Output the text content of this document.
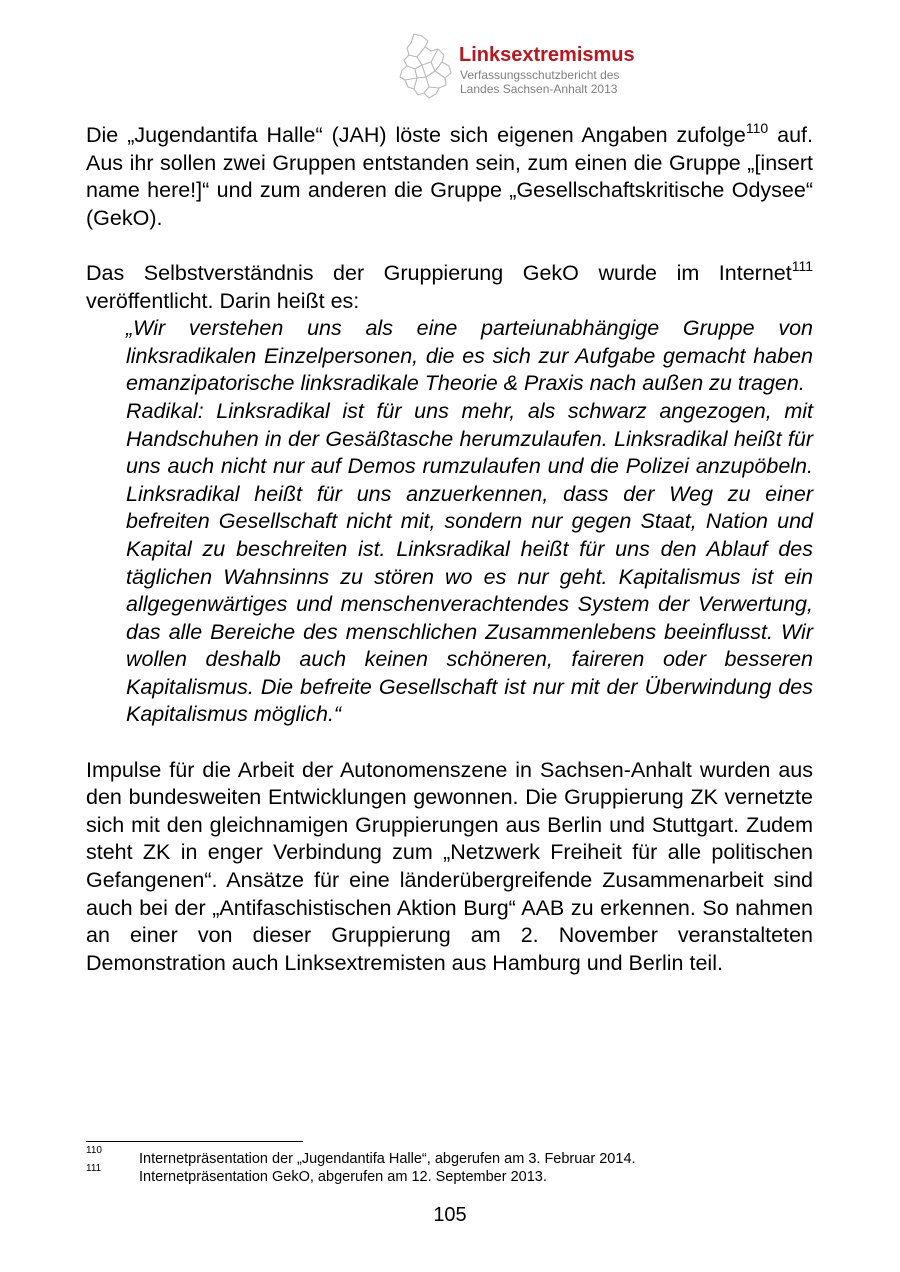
Linksextremismus
Verfassungsschutzbericht des
Landes Sachsen-Anhalt 2013

Die „Jugendantifa Halle“ (JAH) löste sich eigenen Angaben zufolge$^{110}$ auf. Aus ihr sollen zwei Gruppen entstanden sein, zum einen die Gruppe „[insert name here!]“ und zum anderen die Gruppe „Gesellschaftskritische Odysee“ (GekO).

Das Selbstverständnis der Gruppierung GekO wurde im Internet$^{111}$ veröffentlicht. Darin heißt es:

„Wir verstehen uns als eine parteiunabhängige Gruppe von linksradikalen Einzelpersonen, die es sich zur Aufgabe gemacht haben emanzipatorische linksradikale Theorie & Praxis nach außen zu tragen.

Radikal: Linksradikal ist für uns mehr, als schwarz angezogen, mit Handschuhen in der Gesäßtasche herumzulaufen. Linksradikal heißt für uns auch nicht nur auf Demos rumzulaufen und die Polizei anzupöbeln. Linksradikal heißt für uns anzuerkennen, dass der Weg zu einer befreiten Gesellschaft nicht mit, sondern nur gegen Staat, Nation und Kapital zu beschreiten ist. Linksradikal heißt für uns den Ablauf des täglichen Wahnsinns zu stören wo es nur geht. Kapitalismus ist ein allgegenwärtiges und menschenverachtendes System der Verwertung, das alle Bereiche des menschlichen Zusammenlebens beeinflusst. Wir wollen deshalb auch keinen schöneren, faireren oder besseren Kapitalismus. Die befreite Gesellschaft ist nur mit der Überwindung des Kapitalismus möglich.“

Impulse für die Arbeit der Autonomenszene in Sachsen-Anhalt wurden aus den bundesweiten Entwicklungen gewonnen. Die Gruppierung ZK vernetzte sich mit den gleichnamigen Gruppierungen aus Berlin und Stuttgart. Zudem steht ZK in enger Verbindung zum „Netzwerk Freiheit für alle politischen Gefangenen“. Ansätze für eine länderübergreifende Zusammenarbeit sind auch bei der „Antifaschistischen Aktion Burg“ AAB zu erkennen. So nahmen an einer von dieser Gruppierung am 2. November veranstalteten Demonstration auch Linksextremisten aus Hamburg und Berlin teil.

110
Internetpräsentation der „Jugendantifa Halle“, abgerufen am 3. Februar 2014.
111
Internetpräsentation GekO, abgerufen am 12. September 2013.
105
